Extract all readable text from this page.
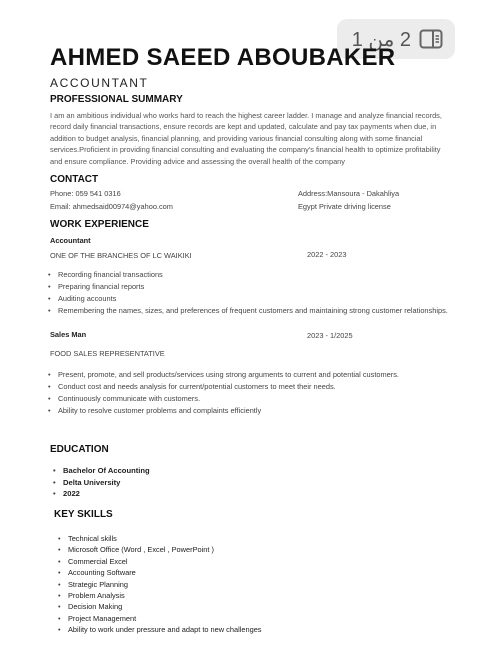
2 من 1
AHMED SAEED ABOUBAKER
ACCOUNTANT
PROFESSIONAL SUMMARY
I am an ambitious individual who works hard to reach the highest career ladder. I manage and analyze financial records, record daily financial transactions, ensure records are kept and updated, calculate and pay tax payments when due, in addition to budget analysis, financial planning, and providing various financial consulting along with some financial services.Proficient in providing financial consulting and evaluating the company's financial health to optimize profitability and ensure compliance. Providing advice and assessing the overall health of the company
CONTACT
Phone: 059 541 0316
Email: ahmedsaid00974@yahoo.com
Address:Mansoura - Dakahliya
Egypt Private driving license
WORK EXPERIENCE
Accountant
ONE OF THE BRANCHES OF LC WAIKIKI	2022 - 2023
• Recording financial transactions
• Preparing financial reports
• Auditing accounts
• Remembering the names, sizes, and preferences of frequent customers and maintaining strong customer relationships.
Sales Man
FOOD SALES REPRESENTATIVE
2023 - 1/2025
• Present, promote, and sell products/services using strong arguments to current and potential customers.
• Conduct cost and needs analysis for current/potential customers to meet their needs.
• Continuously communicate with customers.
• Ability to resolve customer problems and complaints efficiently
EDUCATION
• Bachelor Of Accounting
• Delta University
• 2022
KEY SKILLS
• Technical skills
• Microsoft Office (Word , Excel , PowerPoint )
• Commercial Excel
• Accounting Software
• Strategic Planning
• Problem Analysis
• Decision Making
• Project Management
• Ability to work under pressure and adapt to new challenges
